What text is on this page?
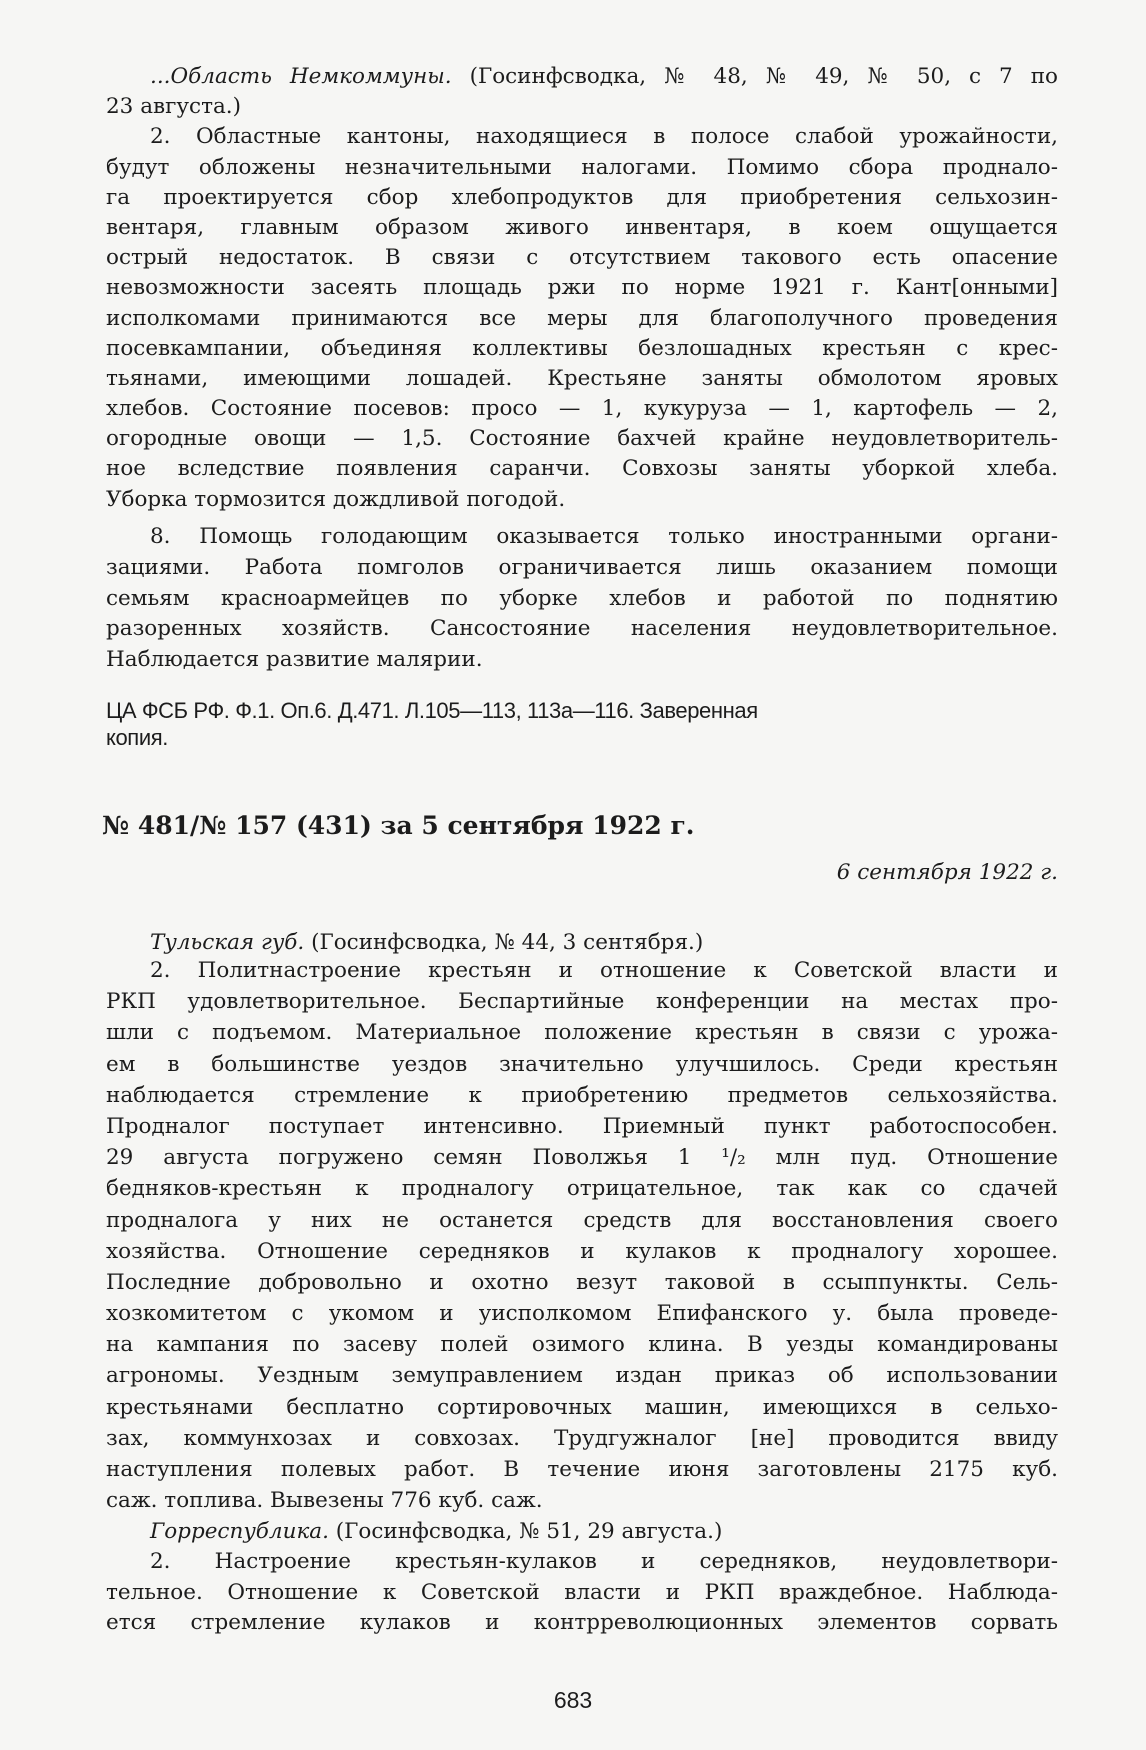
...Область Немкоммуны. (Госинфсводка, № 48, № 49, № 50, с 7 по
23 августа.)
2. Областные кантоны, находящиеся в полосе слабой урожайности,
будут обложены незначительными налогами. Помимо сбора проднало-
га проектируется сбор хлебопродуктов для приобретения сельхозин-
вентаря, главным образом живого инвентаря, в коем ощущается
острый недостаток. В связи с отсутствием такового есть опасение
невозможности засеять площадь ржи по норме 1921 г. Кант[онными]
исполкомами принимаются все меры для благополучного проведения
посевкампании, объединяя коллективы безлошадных крестьян с крес-
тьянами, имеющими лошадей. Крестьяне заняты обмолотом яровых
хлебов. Состояние посевов: просо — 1, кукуруза — 1, картофель — 2,
огородные овощи — 1,5. Состояние бахчей крайне неудовлетворитель-
ное вследствие появления саранчи. Совхозы заняты уборкой хлеба.
Уборка тормозится дождливой погодой.
8. Помощь голодающим оказывается только иностранными органи-
зациями. Работа помголов ограничивается лишь оказанием помощи
семьям красноармейцев по уборке хлебов и работой по поднятию
разоренных хозяйств. Сансостояние населения неудовлетворительное.
Наблюдается развитие малярии.
Тульская губ. (Госинфсводка, № 44, 3 сентября.)
2. Политнастроение крестьян и отношение к Советской власти и
РКП удовлетворительное. Беспартийные конференции на местах про-
шли с подъемом. Материальное положение крестьян в связи с урожа-
ем в большинстве уездов значительно улучшилось. Среди крестьян
наблюдается стремление к приобретению предметов сельхозяйства.
Продналог поступает интенсивно. Приемный пункт работоспособен.
29 августа погружено семян Поволжья 1 ¹/₂ млн пуд. Отношение
бедняков-крестьян к продналогу отрицательное, так как со сдачей
продналога у них не останется средств для восстановления своего
хозяйства. Отношение середняков и кулаков к продналогу хорошее.
Последние добровольно и охотно везут таковой в ссыппункты. Сель-
хозкомитетом с укомом и уисполкомом Епифанского у. была проведе-
на кампания по засеву полей озимого клина. В уезды командированы
агрономы. Уездным земуправлением издан приказ об использовании
крестьянами бесплатно сортировочных машин, имеющихся в сельхо-
зах, коммунхозах и совхозах. Трудгужналог [не] проводится ввиду
наступления полевых работ. В течение июня заготовлены 2175 куб.
саж. топлива. Вывезены 776 куб. саж.
Горреспублика. (Госинфсводка, № 51, 29 августа.)
2. Настроение крестьян-кулаков и середняков, неудовлетвори-
тельное. Отношение к Советской власти и РКП враждебное. Наблюда-
ется стремление кулаков и контрреволюционных элементов сорвать
ЦА ФСБ РФ. Ф.1. Оп.6. Д.471. Л.105—113, 113а—116. Заверенная
копия.
№ 481/№ 157 (431) за 5 сентября 1922 г.
6 сентября 1922 г.
683
